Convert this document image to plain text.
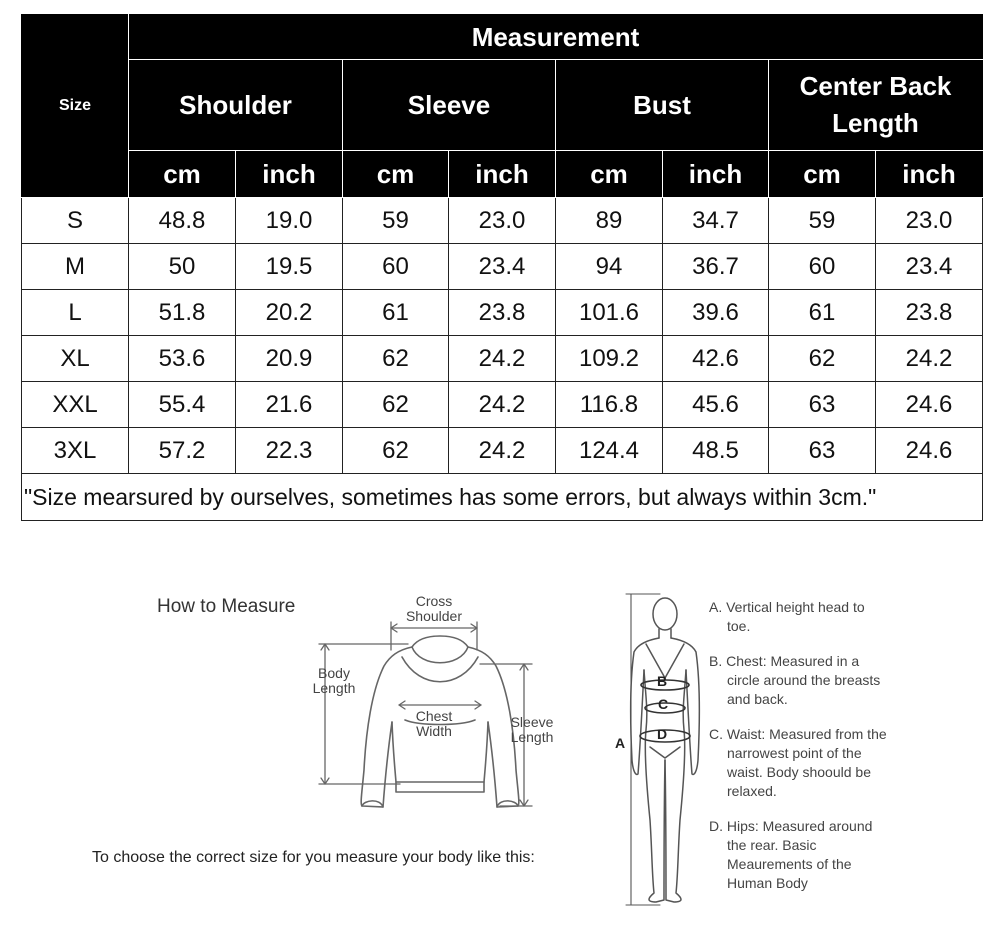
Size	Measurement							
	Shoulder		Sleeve		Bust		Center Back
Length	
	cm	inch	cm	inch	cm	inch	cm	inch
S	48.8	19.0	59	23.0	89	34.7	59	23.0
M	50	19.5	60	23.4	94	36.7	60	23.4
L	51.8	20.2	61	23.8	101.6	39.6	61	23.8
XL	53.6	20.9	62	24.2	109.2	42.6	62	24.2
XXL	55.4	21.6	62	24.2	116.8	45.6	63	24.6
3XL	57.2	22.3	62	24.2	124.4	48.5	63	24.6
"Size mearsured by ourselves, sometimes has some errors, but always within 3cm."								
How to Measure	Cross
Shoulder
Body
Length
Chest
Width
Sleeve
Length
B
C
D
A
To choose the correct size for you measure your body like this:
A. Vertical height head to toe.
B. Chest: Measured in a circle around the breasts and back.
C. Waist: Measured from the narrowest point of the waist. Body shoould be relaxed.
D. Hips: Measured around the rear. Basic Meaurements of the Human Body
